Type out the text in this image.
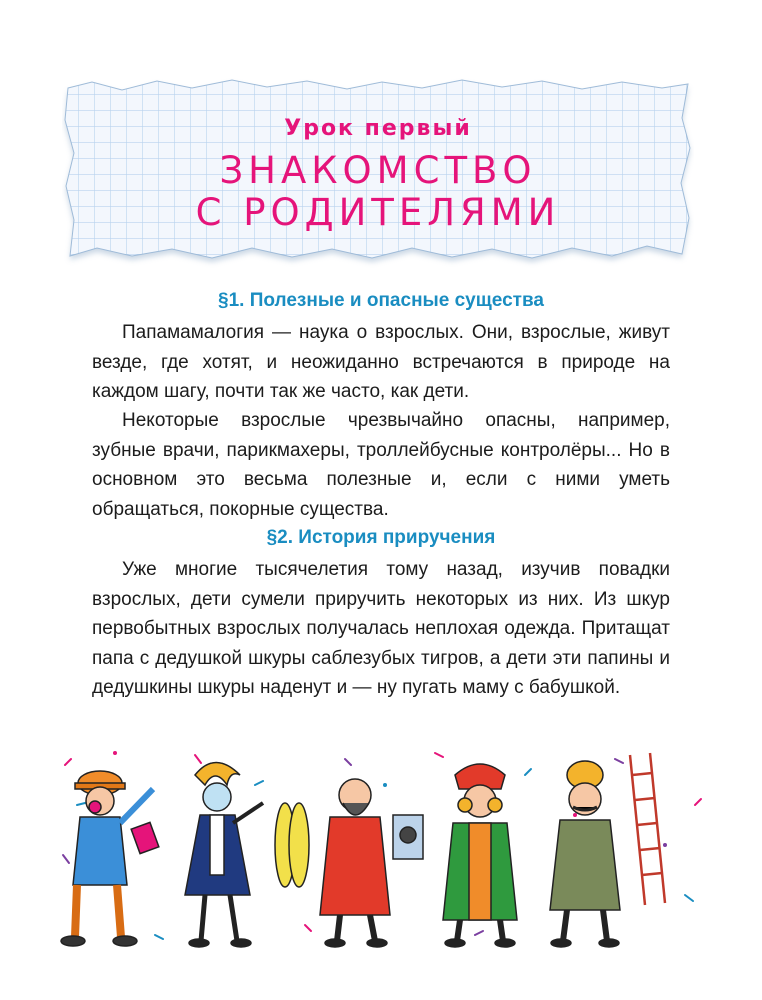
Урок первый
ЗНАКОМСТВО
С РОДИТЕЛЯМИ
§1. Полезные и опасные существа

Папамамалогия — наука о взрослых. Они, взрослые, живут везде, где хотят, и неожиданно встречаются в природе на каждом шагу, почти так же часто, как дети.

Некоторые взрослые чрезвычайно опасны, например, зубные врачи, парикмахеры, троллейбусные контролёры... Но в основном это весьма полезные и, если с ними уметь обращаться, покорные существа.

§2. История приручения

Уже многие тысячелетия тому назад, изучив повадки взрослых, дети сумели приручить некоторых из них. Из шкур первобытных взрослых получалась неплохая одежда. Притащат папа с дедушкой шкуры саблезубых тигров, а дети эти папины и дедушкины шкуры наденут и — ну пугать маму с бабушкой.
